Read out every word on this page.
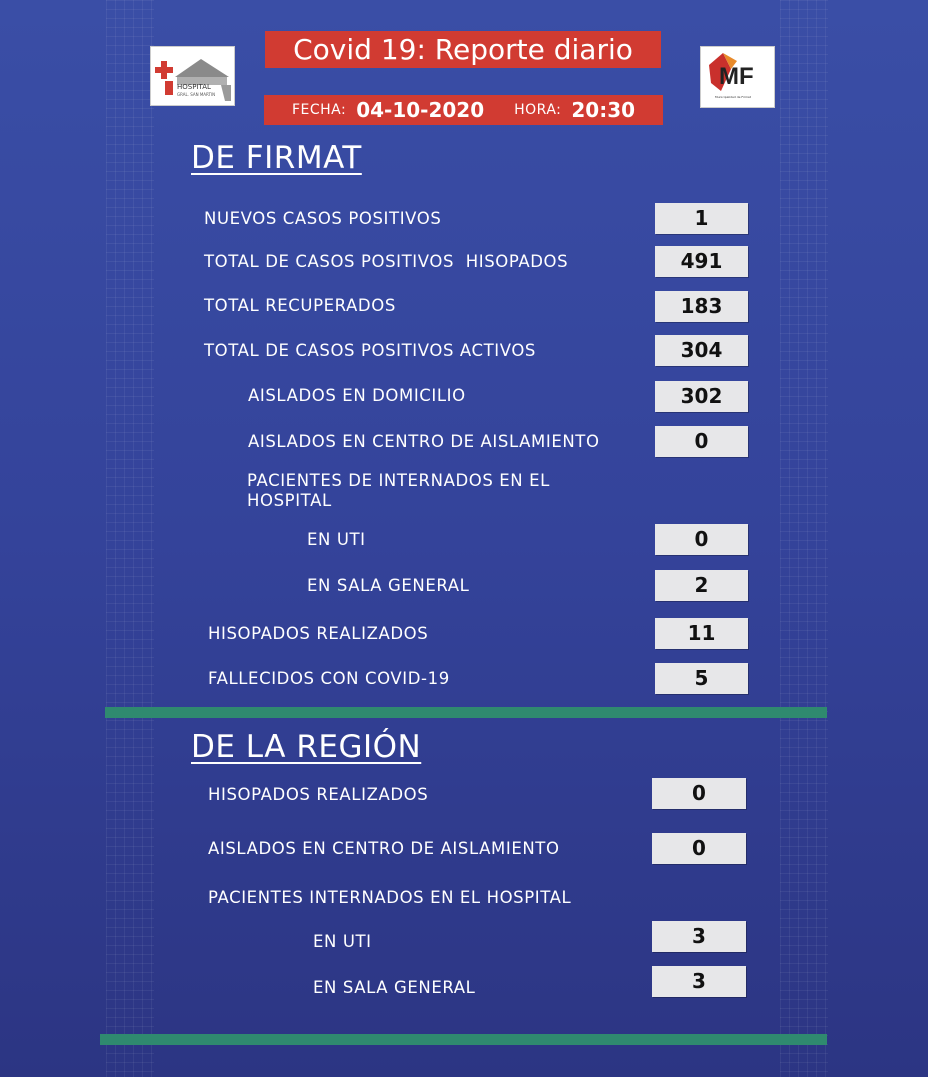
HOSPITAL
GRAL. SAN MARTIN
MF
Municipalidad de Firmat
Covid 19: Reporte diario
FECHA: 04-10-2020 HORA: 20:30
DE FIRMAT
NUEVOS CASOS POSITIVOS	1
TOTAL DE CASOS POSITIVOS  HISOPADOS	491
TOTAL RECUPERADOS	183
TOTAL DE CASOS POSITIVOS ACTIVOS	304
AISLADOS EN DOMICILIO	302
AISLADOS EN CENTRO DE AISLAMIENTO	0
PACIENTES DE INTERNADOS EN EL HOSPITAL
EN UTI	0
EN SALA GENERAL	2
HISOPADOS REALIZADOS	11
FALLECIDOS CON COVID-19	5
DE LA REGIÓN
HISOPADOS REALIZADOS	0
AISLADOS EN CENTRO DE AISLAMIENTO	0
PACIENTES INTERNADOS EN EL HOSPITAL
EN UTI	3
EN SALA GENERAL	3
